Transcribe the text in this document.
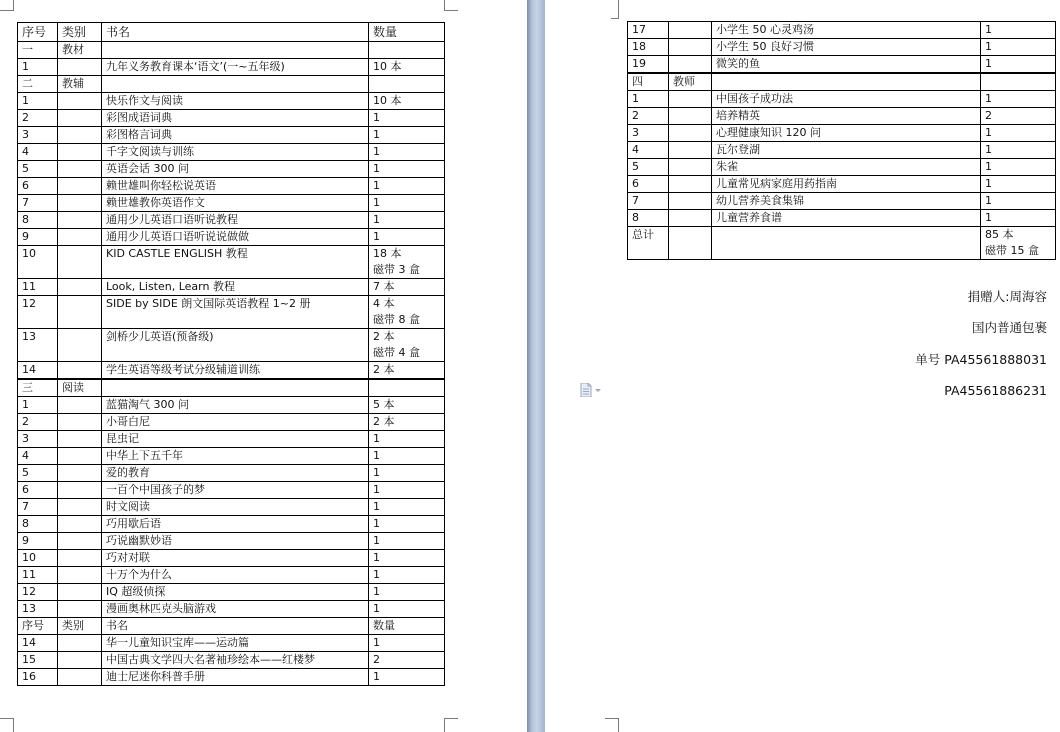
序号	类别	书名	数量
一	教材		
1		九年义务教育课本‘语文’(一~五年级)	10 本
二	教辅		
1		快乐作文与阅读	10 本
2		彩图成语词典	1
3		彩图格言词典	1
4		千字文阅读与训练	1
5		英语会话 300 问	1
6		赖世雄叫你轻松说英语	1
7		赖世雄教你英语作文	1
8		通用少儿英语口语听说教程	1
9		通用少儿英语口语听说说做做	1
10		KID CASTLE ENGLISH 教程	18 本
磁带 3 盒

11		Look, Listen, Learn 教程	7 本
12		SIDE by SIDE 朗文国际英语教程 1~2 册	4 本
磁带 8 盒

13		剑桥少儿英语(预备级)	2 本
磁带 4 盒

14		学生英语等级考试分级辅道训练	2 本

三	阅读		
1		蓝猫淘气 300 问	5 本
2		小哥白尼	2 本
3		昆虫记	1
4		中华上下五千年	1
5		爱的教育	1
6		一百个中国孩子的梦	1
7		时文阅读	1
8		巧用歇后语	1
9		巧说幽默妙语	1
10		巧对对联	1
11		十万个为什么	1
12		IQ 超级侦探	1
13		漫画奥林匹克头脑游戏	1
序号	类别	书名	数量
14		华一儿童知识宝库——运动篇	1
15		中国古典文学四大名著袖珍绘本——红楼梦	2
16		迪士尼迷你科普手册	1
17		小学生 50 心灵鸡汤	1
18		小学生 50 良好习惯	1
19		微笑的鱼	1

四	教师		
1		中国孩子成功法	1
2		培养精英	2
3		心理健康知识 120 问	1
4		瓦尔登湖	1
5		朱雀	1
6		儿童常见病家庭用药指南	1
7		幼儿营养美食集锦	1
8		儿童营养食谱	1
总计			85 本
磁带 15 盒
捐赠人:周海容
国内普通包裹
单号 PA45561888031
PA45561886231
